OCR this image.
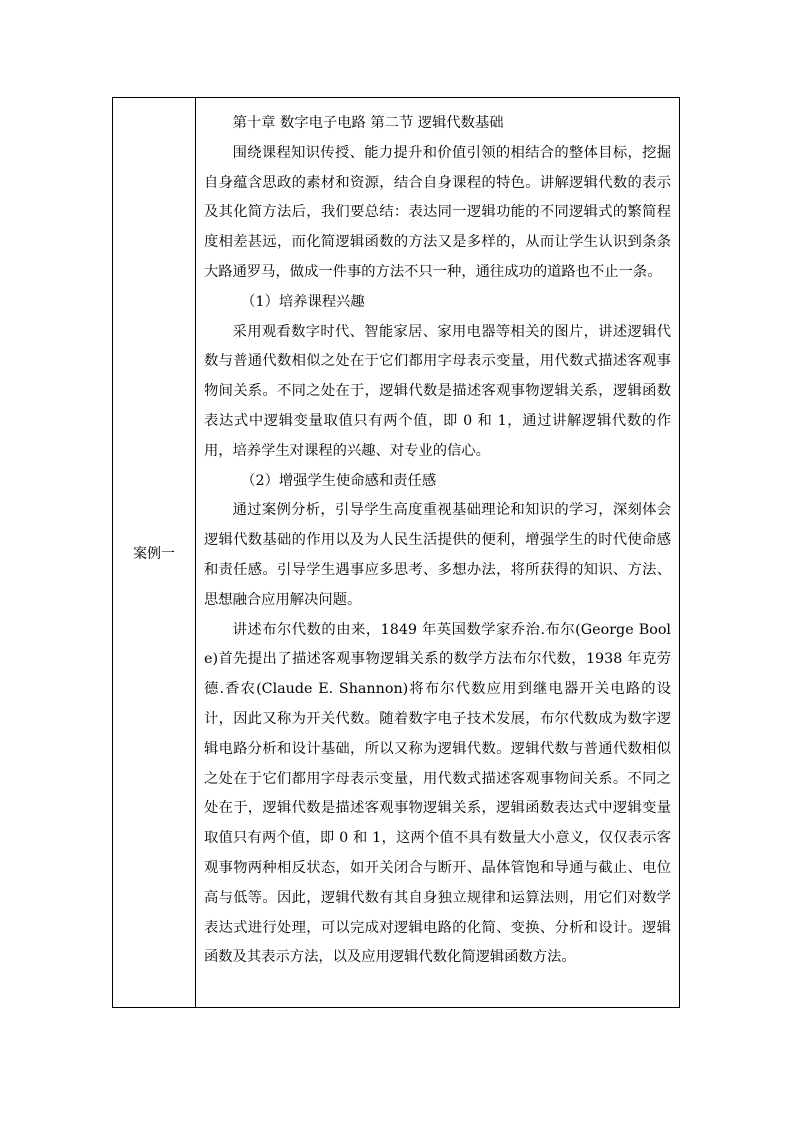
案例一	

第十章 数字电子电路 第二节 逻辑代数基础

围绕课程知识传授、能力提升和价值引领的相结合的整体目标，挖掘自身蕴含思政的素材和资源，结合自身课程的特色。讲解逻辑代数的表示及其化简方法后，我们要总结：表达同一逻辑功能的不同逻辑式的繁简程度相差甚远，而化简逻辑函数的方法又是多样的，从而让学生认识到条条大路通罗马，做成一件事的方法不只一种，通往成功的道路也不止一条。

（1）培养课程兴趣

采用观看数字时代、智能家居、家用电器等相关的图片，讲述逻辑代数与普通代数相似之处在于它们都用字母表示变量，用代数式描述客观事物间关系。不同之处在于，逻辑代数是描述客观事物逻辑关系，逻辑函数表达式中逻辑变量取值只有两个值，即 0 和 1，通过讲解逻辑代数的作用，培养学生对课程的兴趣、对专业的信心。

（2）增强学生使命感和责任感

通过案例分析，引导学生高度重视基础理论和知识的学习，深刻体会逻辑代数基础的作用以及为人民生活提供的便利，增强学生的时代使命感和责任感。引导学生遇事应多思考、多想办法，将所获得的知识、方法、思想融合应用解决问题。

讲述布尔代数的由来，1849 年英国数学家乔治.布尔(George Boole)首先提出了描述客观事物逻辑关系的数学方法布尔代数，1938 年克劳德.香农(Claude E. Shannon)将布尔代数应用到继电器开关电路的设计，因此又称为开关代数。随着数字电子技术发展，布尔代数成为数字逻辑电路分析和设计基础，所以又称为逻辑代数。逻辑代数与普通代数相似之处在于它们都用字母表示变量，用代数式描述客观事物间关系。不同之处在于，逻辑代数是描述客观事物逻辑关系，逻辑函数表达式中逻辑变量取值只有两个值，即 0 和 1，这两个值不具有数量大小意义，仅仅表示客观事物两种相反状态，如开关闭合与断开、晶体管饱和导通与截止、电位高与低等。因此，逻辑代数有其自身独立规律和运算法则，用它们对数学表达式进行处理，可以完成对逻辑电路的化简、变换、分析和设计。逻辑函数及其表示方法，以及应用逻辑代数化简逻辑函数方法。
